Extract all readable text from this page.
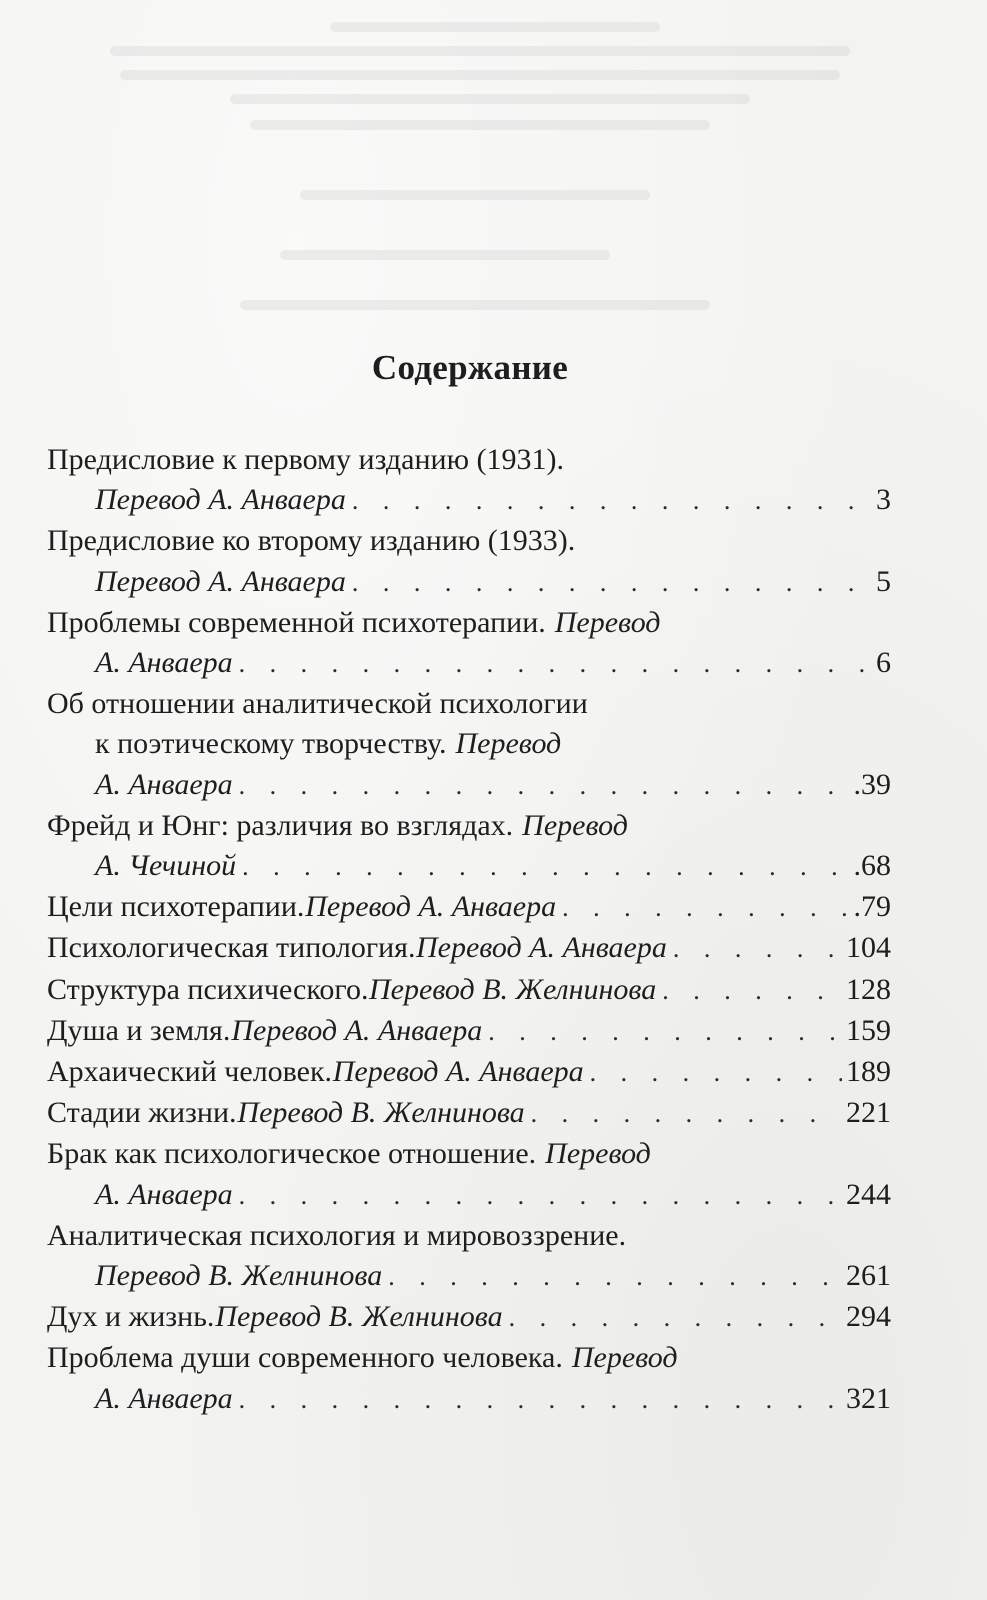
Содержание
Предисловие к первому изданию (1931).
Перевод А. Анваера . . .	3
Предисловие ко второму изданию (1933).
Перевод А. Анваера . . .	5
Проблемы современной психотерапии. Перевод
А. Анваера . . .	6
Об отношении аналитической психологии
к поэтическому творчеству. Перевод
А. Анваера . . .	.39
Фрейд и Юнг: различия во взглядах. Перевод
А. Чечиной . . .	.68
Цели психотерапии. Перевод А. Анваера . . .	.79
Психологическая типология. Перевод А. Анваера . . .	104
Структура психического. Перевод В. Желнинова . . .	128
Душа и земля. Перевод А. Анваера . . .	159
Архаический человек. Перевод А. Анваера . . .	189
Стадии жизни. Перевод В. Желнинова . . .	221
Брак как психологическое отношение. Перевод
А. Анваера . . .	244
Аналитическая психология и мировоззрение.
Перевод В. Желнинова . . .	261
Дух и жизнь. Перевод В. Желнинова . . .	294
Проблема души современного человека. Перевод
А. Анваера . . .	321
